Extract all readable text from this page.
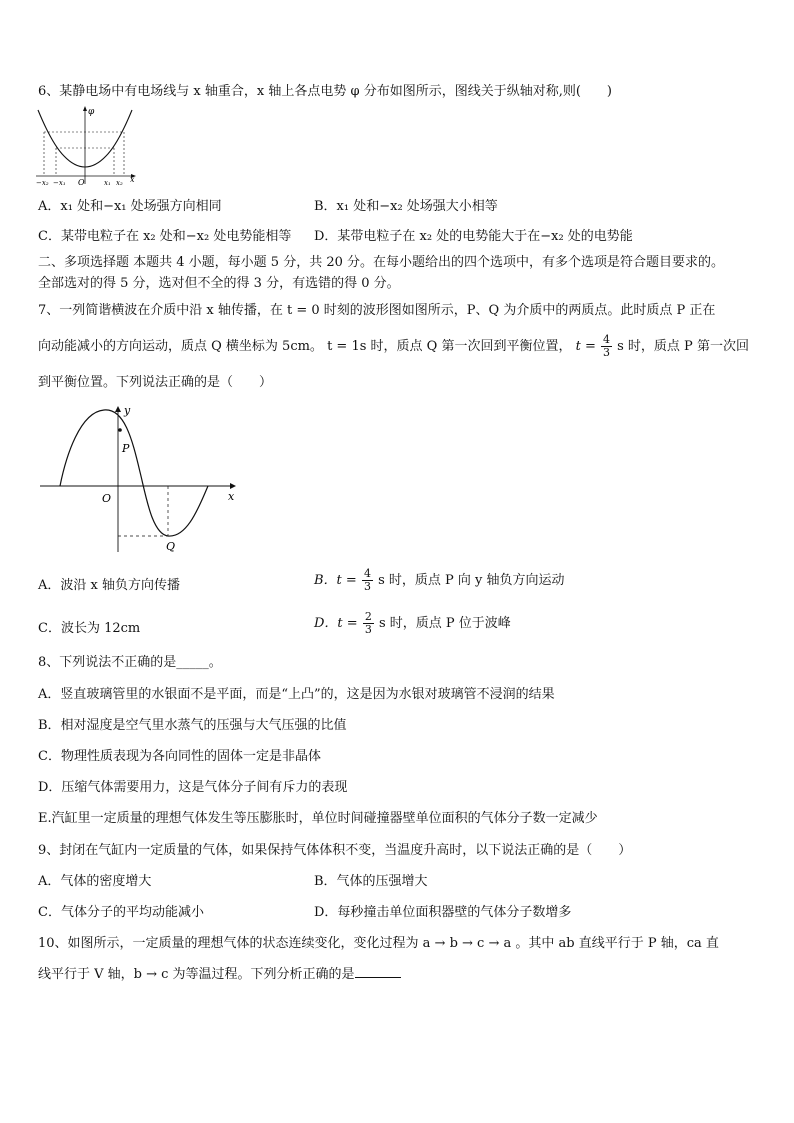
6、某静电场中有电场线与 x 轴重合，x 轴上各点电势 φ 分布如图所示，图线关于纵轴对称,则(　　)
φ
x
O
−x₂ −x₁	x₁ x₂
A．x₁ 处和−x₁ 处场强方向相同	B．x₁ 处和−x₂ 处场强大小相等
C．某带电粒子在 x₂ 处和−x₂ 处电势能相等 D．某带电粒子在 x₂ 处的电势能大于在−x₂ 处的电势能
二、多项选择题 本题共 4 小题，每小题 5 分，共 20 分。在每小题给出的四个选项中，有多个选项是符合题目要求的。
全部选对的得 5 分，选对但不全的得 3 分，有选错的得 0 分。
7、一列简谐横波在介质中沿 x 轴传播，在 t = 0 时刻的波形图如图所示，P、Q 为介质中的两质点。此时质点 P 正在
向动能减小的方向运动，质点 Q 横坐标为 5cm。 t = 1s 时，质点 Q 第一次回到平衡位置， $t = \frac{4}{3}$ s 时，质点 P 第一次回
到平衡位置。下列说法正确的是（　　）
y
x
O
P
Q
A．波沿 x 轴负方向传播	B．$t = \frac{4}{3}$ s 时，质点 P 向 y 轴负方向运动
C．波长为 12cm	D．$t = \frac{2}{3}$ s 时，质点 P 位于波峰
8、下列说法不正确的是_____。
A．竖直玻璃管里的水银面不是平面，而是“上凸”的，这是因为水银对玻璃管不浸润的结果
B．相对湿度是空气里水蒸气的压强与大气压强的比值
C．物理性质表现为各向同性的固体一定是非晶体
D．压缩气体需要用力，这是气体分子间有斥力的表现
E.汽缸里一定质量的理想气体发生等压膨胀时，单位时间碰撞器壁单位面积的气体分子数一定减少
9、封闭在气缸内一定质量的气体，如果保持气体体积不变，当温度升高时，以下说法正确的是（　　）
A．气体的密度增大	B．气体的压强增大
C．气体分子的平均动能减小	D．每秒撞击单位面积器壁的气体分子数增多
10、如图所示，一定质量的理想气体的状态连续变化，变化过程为 a → b → c → a 。其中 ab 直线平行于 P 轴，ca 直
线平行于 V 轴，b → c 为等温过程。下列分析正确的是
